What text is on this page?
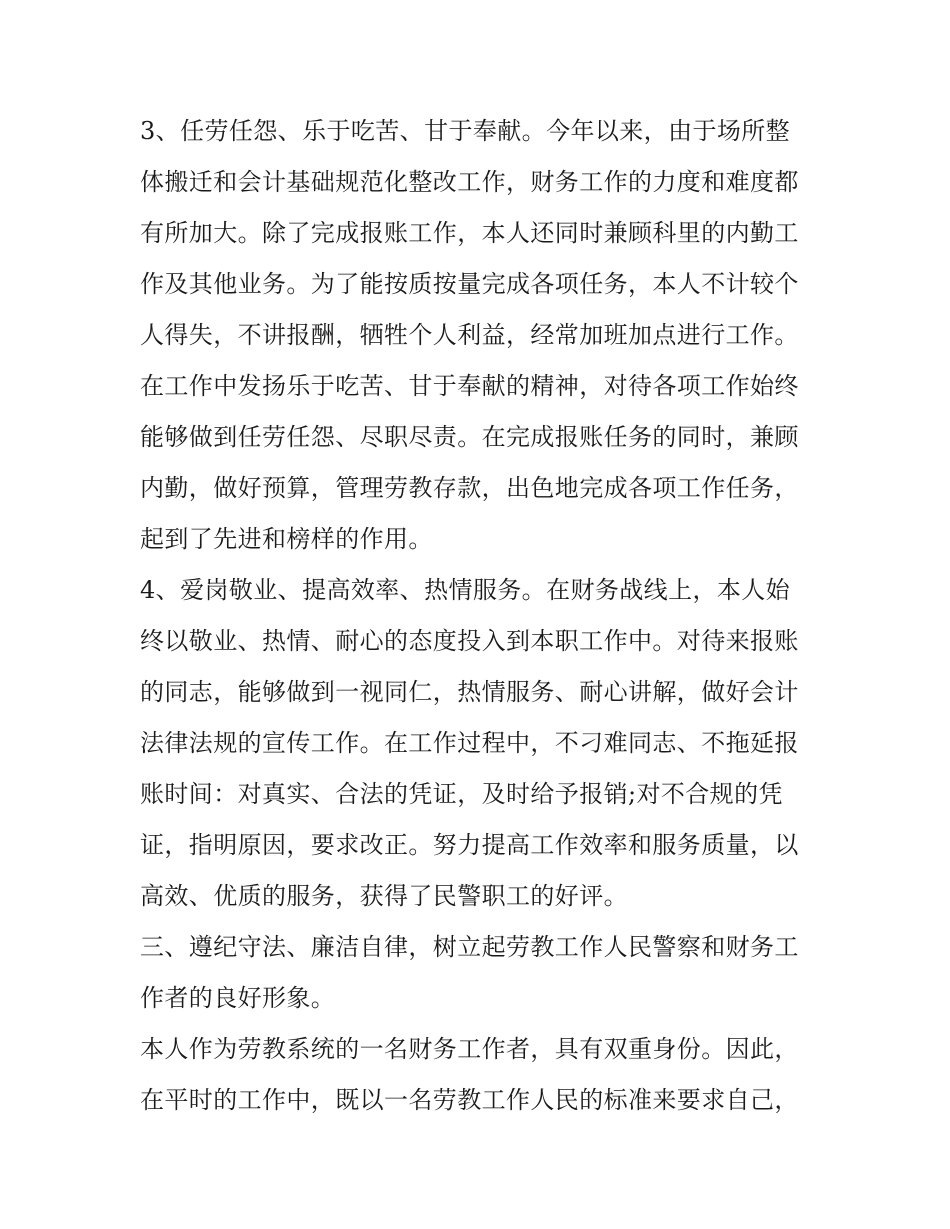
3、任劳任怨、乐于吃苦、甘于奉献。今年以来，由于场所整
体搬迁和会计基础规范化整改工作，财务工作的力度和难度都
有所加大。除了完成报账工作，本人还同时兼顾科里的内勤工
作及其他业务。为了能按质按量完成各项任务，本人不计较个
人得失，不讲报酬，牺牲个人利益，经常加班加点进行工作。
在工作中发扬乐于吃苦、甘于奉献的精神，对待各项工作始终
能够做到任劳任怨、尽职尽责。在完成报账任务的同时，兼顾
内勤，做好预算，管理劳教存款，出色地完成各项工作任务，
起到了先进和榜样的作用。
4、爱岗敬业、提高效率、热情服务。在财务战线上，本人始
终以敬业、热情、耐心的态度投入到本职工作中。对待来报账
的同志，能够做到一视同仁，热情服务、耐心讲解，做好会计
法律法规的宣传工作。在工作过程中，不刁难同志、不拖延报
账时间：对真实、合法的凭证，及时给予报销;对不合规的凭
证，指明原因，要求改正。努力提高工作效率和服务质量，以
高效、优质的服务，获得了民警职工的好评。
三、遵纪守法、廉洁自律，树立起劳教工作人民警察和财务工
作者的良好形象。
本人作为劳教系统的一名财务工作者，具有双重身份。因此，
在平时的工作中，既以一名劳教工作人民的标准来要求自己，
